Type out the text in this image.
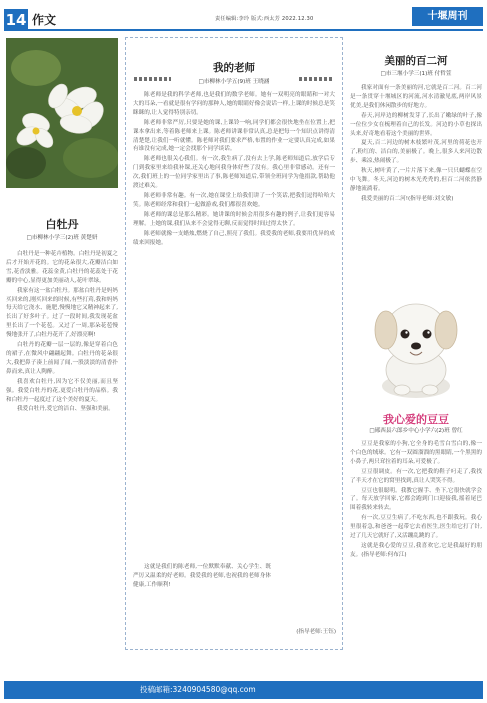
14 作文	责任编辑:李玲 版式:西太芳 2022.12.30	十堰周刊
白牡丹
□市柳林小学三(2)班 黄楚妍

白牡丹是一种花卉植物。白牡丹是初夏之后才开始开花的。它的花朵很大,花瓣洁白如雪,花香淡雅。花蕊金黄,白牡丹的花蕊处于花瓣的中心,显得更加美丽动人,花叶翠绿。

我家有这一盆白牡丹。那盆白牡丹是妈妈买回来的,刚买回来的时候,有些打蔫,我和妈妈每天给它浇水、施肥,慢慢地它又精神起来了,长出了好多叶子。过了一段时间,我发现花盆里长出了一个花苞。又过了一周,那朵花苞慢慢地张开了,白牡丹花开了,好漂亮啊!

白牡丹的花瓣一层一层的,像是穿着白色的裙子,在微风中翩翩起舞。白牡丹的花朵很大,我把鼻子凑上前闻了闻,一股淡淡的清香扑鼻而来,真让人陶醉。

我喜欢白牡丹,因为它不仅美丽,而且坚强。我爱白牡丹的花,更爱白牡丹的品格。我和白牡丹一起度过了这个美好的夏天。

我爱白牡丹,爱它的洁白、坚强和美丽。

我的老师
□市柳林小学五(9)班 王晓涵

陈老师是我的科学老师,也是我们的数学老师。她有一双明亮的眼睛和一对大大的耳朵,一看就是很有学问的那种人,她的眼睛好像会说话一样,上课的时候总是笑眯眯的,让人觉得特别亲切。

陈老师非常严厉,只要是她的课,上课铃一响,同学们都会很快地坐在位置上,把课本拿出来,等着陈老师来上课。陈老师讲课非常认真,总是把每一个知识点讲得清清楚楚,让我们一听就懂。陈老师对我们要求严格,布置的作业一定要认真完成,如果有谁没有完成,她一定会找那个同学谈话。

陈老师也很关心我们。有一次,我生病了,没有去上学,陈老师知道后,放学后专门到我家里来给我补课,还关心地问我身体好些了没有。我心里非常感动。还有一次,我们班上的一位同学家里出了事,陈老师知道后,带领全班同学为他捐款,帮助他渡过难关。

陈老师非常有趣。有一次,她在课堂上给我们讲了一个笑话,把我们逗得哈哈大笑。陈老师经常和我们一起做游戏,我们都很喜欢她。

陈老师的课总是那么精彩。她讲课的时候会用很多有趣的例子,让我们更容易理解。上她的课,我们从来不会觉得无聊,反而觉得时间过得太快了。

陈老师就像一支蜡烛,燃烧了自己,照亮了我们。我爱我的老师,我要用优异的成绩来回报她。

这就是我们的陈老师,一位默默奉献、关心学生、既严厉又温柔的好老师。我爱我的老师,也祝我的老师身体健康,工作顺利!

(指导老师:王钰)
美丽的百二河
□市三堰小学三(1)班 付哲萱

我家对面有一条美丽的河,它就是百二河。百二河是一条贯穿十堰城区的河流,河水清澈见底,两岸风景优美,是我们休闲散步的好地方。

春天,河岸边的柳树发芽了,长出了嫩绿的叶子,像一位位少女在梳理着自己的长发。河边的小草也探出头来,好奇地看着这个美丽的世界。

夏天,百二河边的树木枝繁叶茂,河里的荷花也开了,粉红的、洁白的,美丽极了。晚上,很多人来河边散步、乘凉,热闹极了。

秋天,树叶黄了,一片片落下来,像一只只蝴蝶在空中飞舞。冬天,河边的树木光秃秃的,但百二河依然静静地流淌着。

我爱美丽的百二河!(指导老师:刘文敏)

我心爱的豆豆
□郧西县六郎乡中心小学六(2)班 曾红

豆豆是我家的小狗,它全身的毛雪白雪白的,像一个白色的绒球。它有一双圆溜溜的黑眼睛,一个黑黑的小鼻子,两只耷拉着的耳朵,可爱极了。

豆豆很调皮。有一次,它把我的鞋子叼走了,我找了半天才在它的窝里找到,真让人哭笑不得。

豆豆也很聪明。我教它握手、坐下,它很快就学会了。每天放学回家,它都会跑到门口迎接我,摇着尾巴围着我转来转去。

有一次,豆豆生病了,不吃东西,也不跟我玩。我心里很着急,和爸爸一起带它去看医生,医生给它打了针,过了几天它就好了,又活蹦乱跳的了。

这就是我心爱的豆豆,我喜欢它,它是我最好的朋友。(指导老师:何布江)

投稿邮箱:3240904580@qq.com
